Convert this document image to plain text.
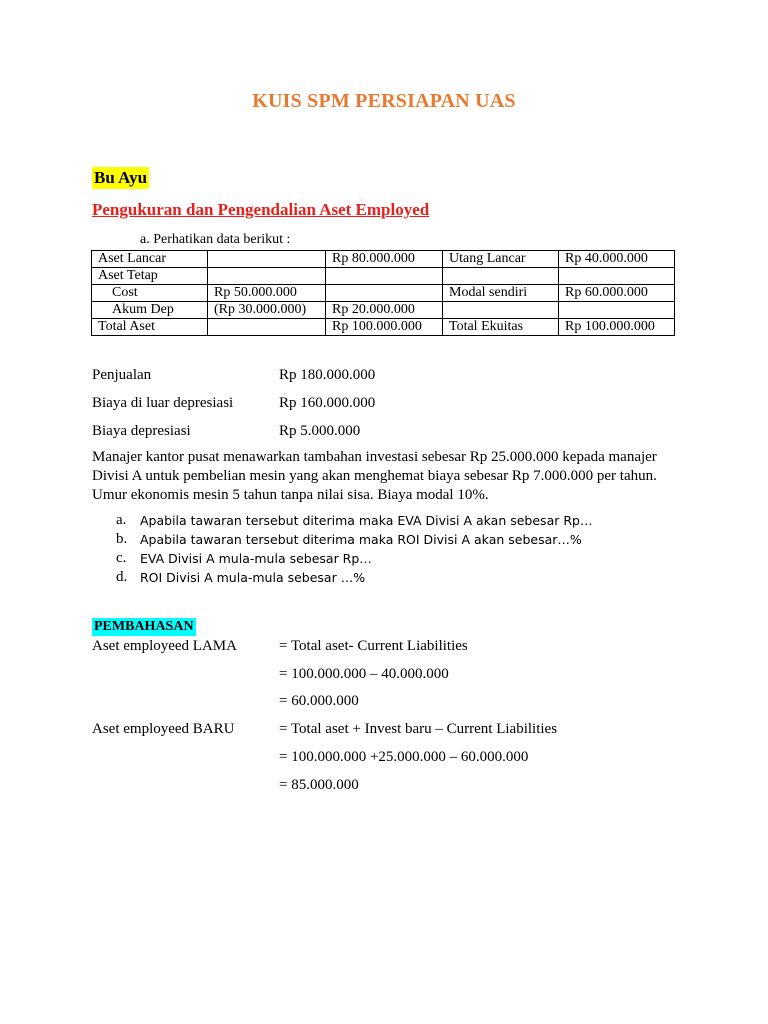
KUIS SPM PERSIAPAN UAS
Bu Ayu
Pengukuran dan Pengendalian Aset Employed
a. Perhatikan data berikut :
Aset Lancar		Rp 80.000.000	Utang Lancar	Rp 40.000.000
Aset Tetap				
Cost	Rp 50.000.000		Modal sendiri	Rp 60.000.000
Akum Dep	(Rp 30.000.000)	Rp 20.000.000		
Total Aset		Rp 100.000.000	Total Ekuitas	Rp 100.000.000
Penjualan	Rp 180.000.000
Biaya di luar depresiasi	Rp 160.000.000
Biaya depresiasi	Rp 5.000.000
Manajer kantor pusat menawarkan tambahan investasi sebesar Rp 25.000.000 kepada manajer Divisi A untuk pembelian mesin yang akan menghemat biaya sebesar Rp 7.000.000 per tahun. Umur ekonomis mesin 5 tahun tanpa nilai sisa. Biaya modal 10%.
a. Apabila tawaran tersebut diterima maka EVA Divisi A akan sebesar Rp…
b. Apabila tawaran tersebut diterima maka ROI Divisi A akan sebesar…%
c. EVA Divisi A mula-mula sebesar Rp…
d. ROI Divisi A mula-mula sebesar …%
PEMBAHASAN
Aset employeed LAMA	= Total aset- Current Liabilities
= 100.000.000 – 40.000.000
= 60.000.000
Aset employeed BARU	= Total aset + Invest baru – Current Liabilities
= 100.000.000 +25.000.000 – 60.000.000
= 85.000.000
